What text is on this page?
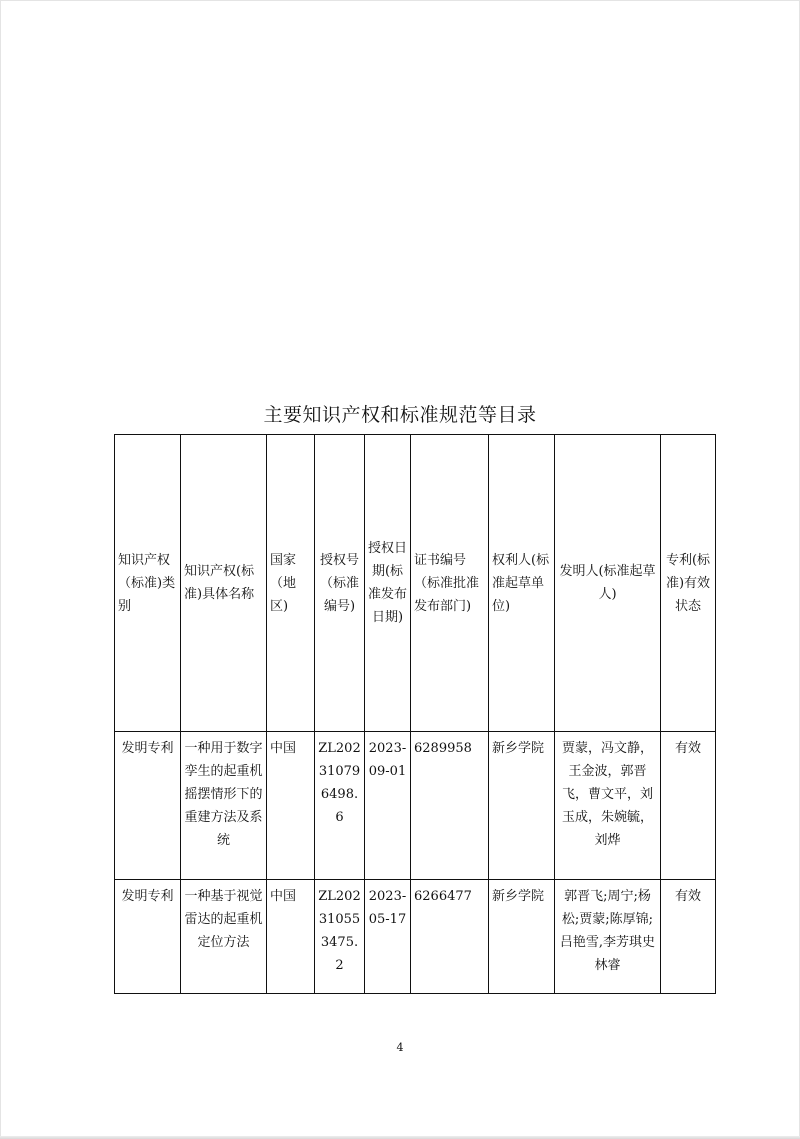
主要知识产权和标准规范等目录
知识产权（标准)类别	知识产权(标准)具体名称	国家（地区)	授权号（标准编号)	授权日期(标准发布日期)	证书编号（标准批准发布部门)	权利人(标准起草单位)	发明人(标准起草人)	专利(标准)有效状态
发明专利	一种用于数字孪生的起重机摇摆情形下的重建方法及系统	中国	ZL202310796498.6	2023-09-01	6289958	新乡学院	贾蒙，冯文静，王金波，郭晋飞，曹文平，刘玉成，朱婉毓，刘烨	有效
发明专利	一种基于视觉雷达的起重机定位方法	中国	ZL202310553475.2	2023-05-17	6266477	新乡学院	郭晋飞;周宁;杨松;贾蒙;陈厚锦;吕艳雪,李芳琪史林睿	有效
4
